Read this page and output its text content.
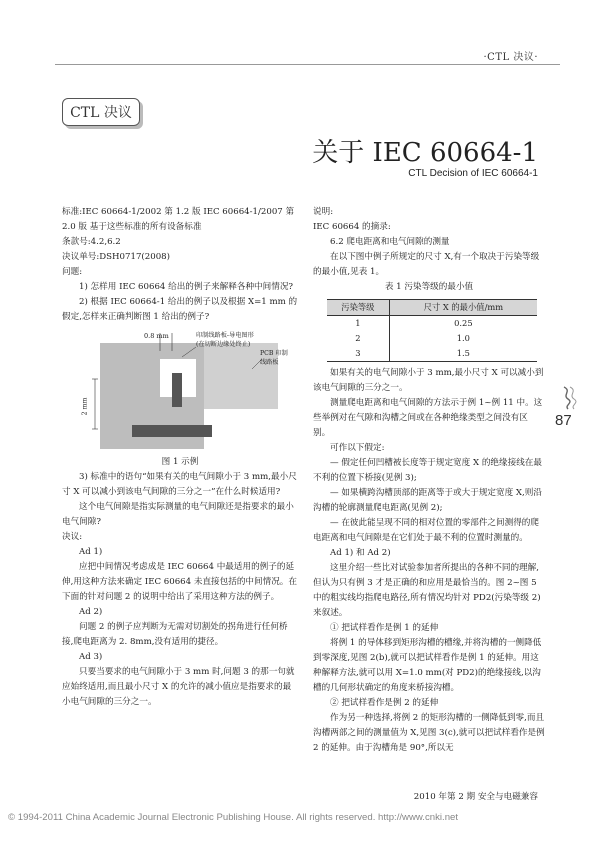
·CTL 决议·
CTL 决议
关于 IEC 60664-1
CTL Decision of IEC 60664-1

标准:IEC 60664-1/2002 第 1.2 版 IEC 60664-1/2007 第

2.0 版 基于这些标准的所有设备标准

条款号:4.2,6.2

决议单号:DSH0717(2008)

问题:

1) 怎样用 IEC 60664 给出的例子来解释各种中间情况?

2) 根据 IEC 60664-1 给出的例子以及根据 X=1 mm 的假定,怎样来正确判断图 1 给出的例子?

0.8 mm	印制线路板-导电图形
(在切断边缘处终止)
PCB 印制
线路板
2 mm

图 1 示例

3) 标准中的语句“如果有关的电气间隙小于 3 mm,最小尺寸 X 可以减小到该电气间隙的三分之一”在什么时候适用?

这个电气间隙是指实际测量的电气间隙还是指要求的最小电气间隙?

决议:

Ad 1)

应把中间情况考虑成是 IEC 60664 中最适用的例子的延伸,用这种方法来确定 IEC 60664 未直接包括的中间情况。在下面的针对问题 2 的说明中给出了采用这种方法的例子。

Ad 2)

问题 2 的例子应判断为无需对切割处的拐角进行任何桥接,爬电距离为 2. 8mm,没有适用的捷径。

Ad 3)

只要当要求的电气间隙小于 3 mm 时,问题 3 的那一句就应始终适用,而且最小尺寸 X 的允许的减小值应是指要求的最小电气间隙的三分之一。

说明:

IEC 60664 的摘录:

6.2 爬电距离和电气间隙的测量

在以下图中例子所规定的尺寸 X,有一个取决于污染等级的最小值,见表 1。

表 1 污染等级的最小值

污染等级	尺寸 X 的最小值/mm
1	0.25
2	1.0
3	1.5

如果有关的电气间隙小于 3 mm,最小尺寸 X 可以减小到该电气间隙的三分之一。

测量爬电距离和电气间隙的方法示于例 1~例 11 中。这些举例对在气隙和沟槽之间或在各种绝缘类型之间没有区别。

可作以下假定:

— 假定任何凹槽被长度等于规定宽度 X 的绝缘接线在最不利的位置下桥接(见例 3);

— 如果横跨沟槽顶部的距离等于或大于规定宽度 X,则沿沟槽的轮廓测量爬电距离(见例 2);

— 在彼此能呈现不同的相对位置的零部件之间测得的爬电距离和电气间隙是在它们处于最不利的位置时测量的。

Ad 1) 和 Ad 2)

这里介绍一些比对试验参加者所提出的各种不同的理解,但认为只有例 3 才是正确的和应用是最恰当的。图 2~图 5 中的粗实线均指爬电路径,所有情况均针对 PD2(污染等级 2)来叙述。

① 把试样看作是例 1 的延伸

将例 1 的导体移到矩形沟槽的槽缘,并将沟槽的一侧降低到零深度,见图 2(b),就可以把试样看作是例 1 的延伸。用这种解释方法,就可以用 X=1.0 mm(对 PD2)的绝缘接线,以沟槽的几何形状确定的角度来桥接沟槽。

② 把试样看作是例 2 的延伸

作为另一种选择,将例 2 的矩形沟槽的一侧降低到零,而且沟槽两部之间的测量值为 X,见图 3(c),就可以把试样看作是例 2 的延伸。由于沟槽角是 90°,所以无

87
2010 年第 2 期 安全与电磁兼容
© 1994-2011 China Academic Journal Electronic Publishing House. All rights reserved. http://www.cnki.net
